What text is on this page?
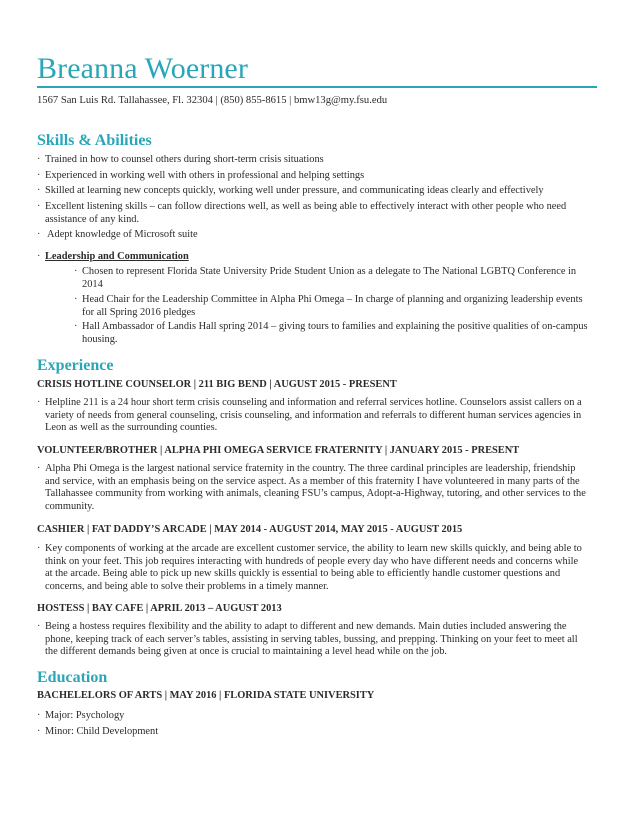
Breanna Woerner
1567 San Luis Rd. Tallahassee, Fl. 32304 | (850) 855-8615 | bmw13g@my.fsu.edu
Skills & Abilities
· Trained in how to counsel others during short-term crisis situations
· Experienced in working well with others in professional and helping settings
· Skilled at learning new concepts quickly, working well under pressure, and communicating ideas clearly and effectively
· Excellent listening skills – can follow directions well, as well as being able to effectively interact with other people who need assistance of any kind.
· Adept knowledge of Microsoft suite
· Leadership and Communication
· Chosen to represent Florida State University Pride Student Union as a delegate to The National LGBTQ Conference in 2014
· Head Chair for the Leadership Committee in Alpha Phi Omega – In charge of planning and organizing leadership events for all Spring 2016 pledges
· Hall Ambassador of Landis Hall spring 2014 – giving tours to families and explaining the positive qualities of on-campus housing.
Experience
CRISIS HOTLINE COUNSELOR | 211 BIG BEND | AUGUST 2015 - PRESENT
· Helpline 211 is a 24 hour short term crisis counseling and information and referral services hotline. Counselors assist callers on a variety of needs from general counseling, crisis counseling, and information and referrals to different human services agencies in Leon as well as the surrounding counties.
VOLUNTEER/BROTHER | ALPHA PHI OMEGA SERVICE FRATERNITY | JANUARY 2015 - PRESENT
· Alpha Phi Omega is the largest national service fraternity in the country. The three cardinal principles are leadership, friendship and service, with an emphasis being on the service aspect. As a member of this fraternity I have volunteered in many parts of the Tallahassee community from working with animals, cleaning FSU’s campus, Adopt-a-Highway, tutoring, and other services to the community.
CASHIER | FAT DADDY’S ARCADE | MAY 2014 - AUGUST 2014, MAY 2015 - AUGUST 2015
· Key components of working at the arcade are excellent customer service, the ability to learn new skills quickly, and being able to think on your feet. This job requires interacting with hundreds of people every day who have different needs and concerns while at the arcade. Being able to pick up new skills quickly is essential to being able to efficiently handle customer questions and concerns, and being able to solve their problems in a timely manner.
HOSTESS | BAY CAFE | APRIL 2013 – AUGUST 2013
· Being a hostess requires flexibility and the ability to adapt to different and new demands. Main duties included answering the phone, keeping track of each server’s tables, assisting in serving tables, bussing, and prepping. Thinking on your feet to meet all the different demands being given at once is crucial to maintaining a level head while on the job.
Education
BACHELELORS OF ARTS | MAY 2016 | FLORIDA STATE UNIVERSITY
· Major: Psychology
· Minor: Child Development
